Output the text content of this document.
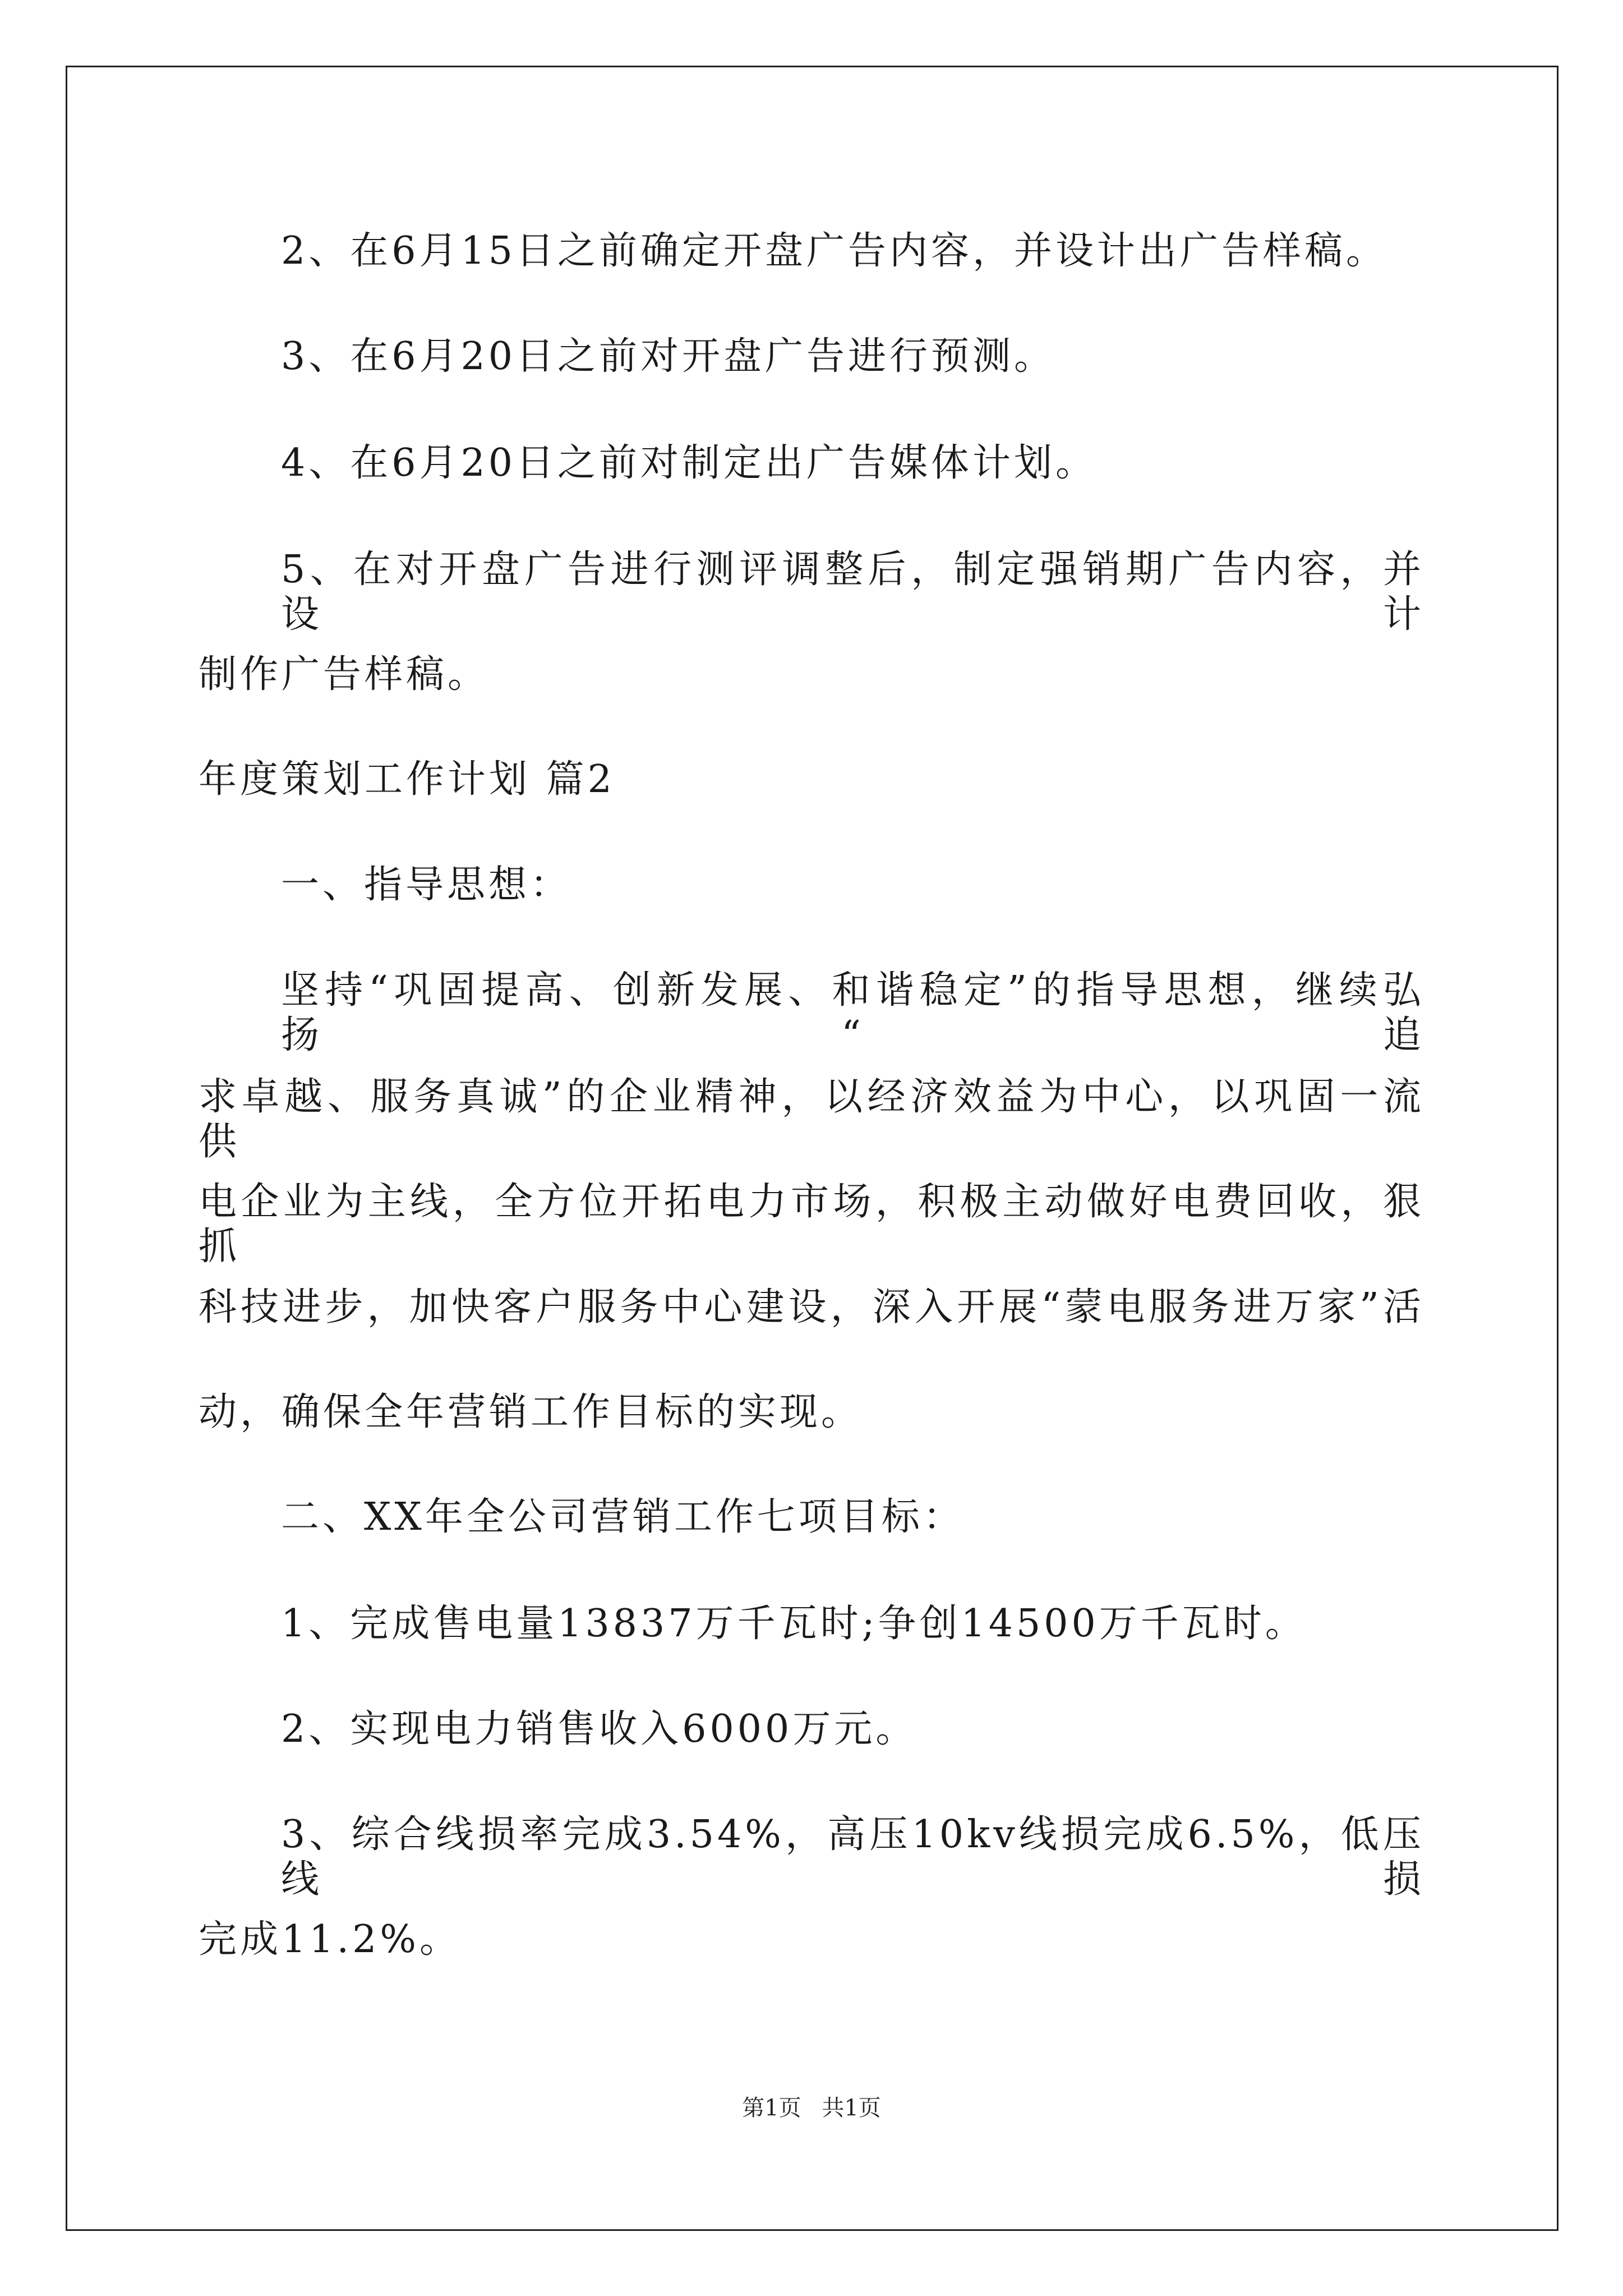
2、在6月15日之前确定开盘广告内容，并设计出广告样稿。
3、在6月20日之前对开盘广告进行预测。
4、在6月20日之前对制定出广告媒体计划。
5、在对开盘广告进行测评调整后，制定强销期广告内容，并设计
制作广告样稿。
年度策划工作计划 篇2
一、指导思想：
坚持“巩固提高、创新发展、和谐稳定”的指导思想，继续弘扬“追
求卓越、服务真诚”的企业精神，以经济效益为中心，以巩固一流供
电企业为主线，全方位开拓电力市场，积极主动做好电费回收，狠抓
科技进步，加快客户服务中心建设，深入开展“蒙电服务进万家”活
动，确保全年营销工作目标的实现。
二、XX年全公司营销工作七项目标：
1、完成售电量13837万千瓦时;争创14500万千瓦时。
2、实现电力销售收入6000万元。
3、综合线损率完成3.54%，高压10kv线损完成6.5%，低压线损
完成11.2%。
第1页 共1页
